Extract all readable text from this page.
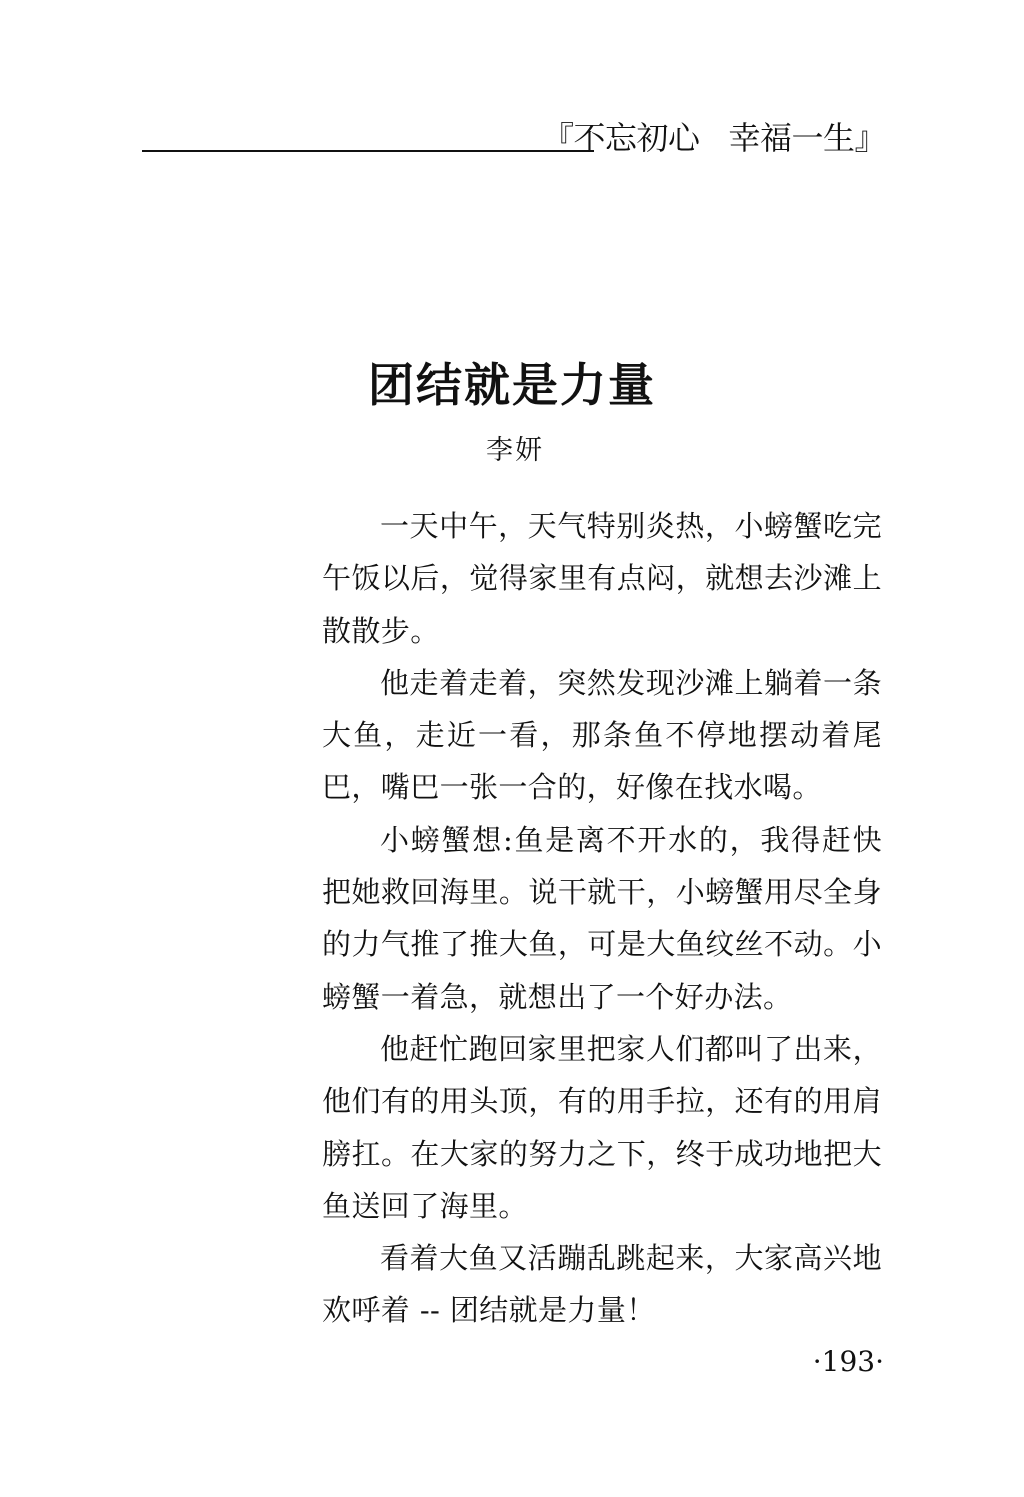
『不忘初心   幸福一生』
团结就是力量
李妍

一天中午，天气特别炎热，小螃蟹吃完午饭以后，觉得家里有点闷，就想去沙滩上散散步。

他走着走着，突然发现沙滩上躺着一条大鱼，走近一看，那条鱼不停地摆动着尾巴，嘴巴一张一合的，好像在找水喝。

小螃蟹想:鱼是离不开水的，我得赶快把她救回海里。说干就干，小螃蟹用尽全身的力气推了推大鱼，可是大鱼纹丝不动。小螃蟹一着急，就想出了一个好办法。

他赶忙跑回家里把家人们都叫了出来，他们有的用头顶，有的用手拉，还有的用肩膀扛。在大家的努力之下，终于成功地把大鱼送回了海里。

看着大鱼又活蹦乱跳起来，大家高兴地欢呼着 -- 团结就是力量！

·193·
